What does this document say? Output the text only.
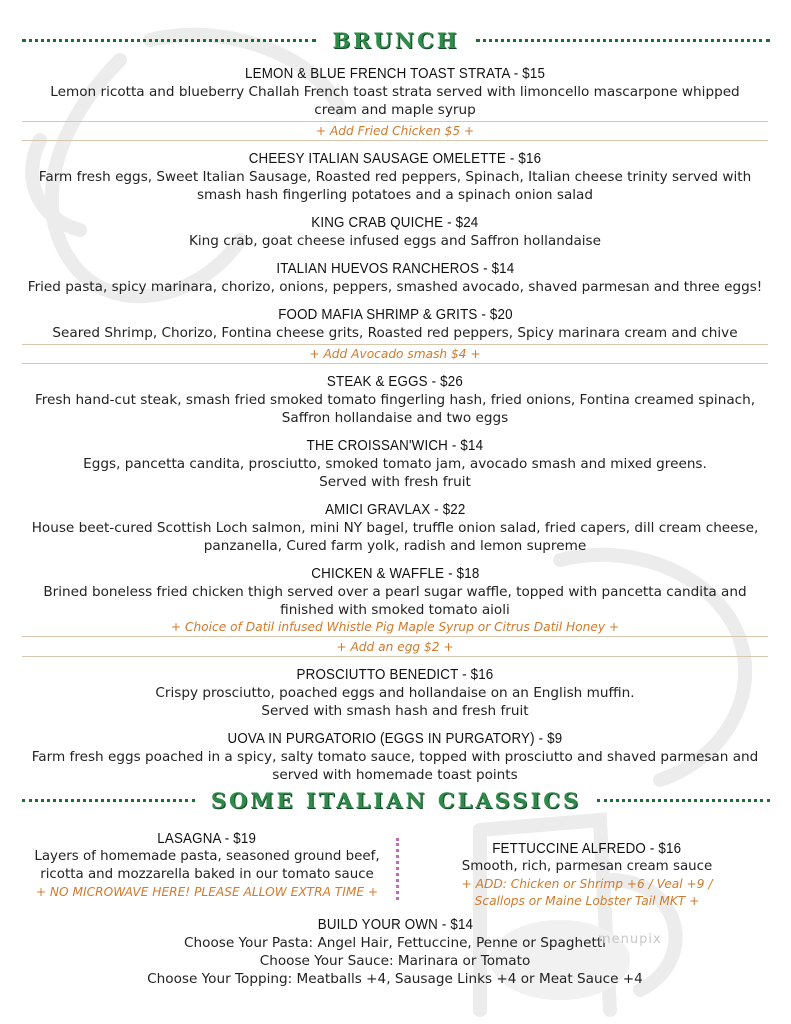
BRUNCH
LEMON & BLUE FRENCH TOAST STRATA - $15
Lemon ricotta and blueberry Challah French toast strata served with limoncello mascarpone whipped
cream and maple syrup
+ Add Fried Chicken $5 +
CHEESY ITALIAN SAUSAGE OMELETTE - $16
Farm fresh eggs, Sweet Italian Sausage, Roasted red peppers, Spinach, Italian cheese trinity served with
smash hash fingerling potatoes and a spinach onion salad
KING CRAB QUICHE - $24
King crab, goat cheese infused eggs and Saffron hollandaise
ITALIAN HUEVOS RANCHEROS - $14
Fried pasta, spicy marinara, chorizo, onions, peppers, smashed avocado, shaved parmesan and three eggs!
FOOD MAFIA SHRIMP & GRITS - $20
Seared Shrimp, Chorizo, Fontina cheese grits, Roasted red peppers, Spicy marinara cream and chive
+ Add Avocado smash $4 +
STEAK & EGGS - $26
Fresh hand-cut steak, smash fried smoked tomato fingerling hash, fried onions, Fontina creamed spinach,
Saffron hollandaise and two eggs
THE CROISSAN'WICH - $14
Eggs, pancetta candita, prosciutto, smoked tomato jam, avocado smash and mixed greens.
Served with fresh fruit
AMICI GRAVLAX - $22
House beet-cured Scottish Loch salmon, mini NY bagel, truffle onion salad, fried capers, dill cream cheese,
panzanella, Cured farm yolk, radish and lemon supreme
CHICKEN & WAFFLE - $18
Brined boneless fried chicken thigh served over a pearl sugar waffle, topped with pancetta candita and
finished with smoked tomato aioli
+ Choice of Datil infused Whistle Pig Maple Syrup or Citrus Datil Honey +
+ Add an egg $2 +
PROSCIUTTO BENEDICT - $16
Crispy prosciutto, poached eggs and hollandaise on an English muffin.
Served with smash hash and fresh fruit
UOVA IN PURGATORIO (EGGS IN PURGATORY) - $9
Farm fresh eggs poached in a spicy, salty tomato sauce, topped with prosciutto and shaved parmesan and
served with homemade toast points
SOME ITALIAN CLASSICS
LASAGNA - $19
Layers of homemade pasta, seasoned ground beef,
ricotta and mozzarella baked in our tomato sauce
+ NO MICROWAVE HERE! PLEASE ALLOW EXTRA TIME +
FETTUCCINE ALFREDO - $16
Smooth, rich, parmesan cream sauce
+ ADD: Chicken or Shrimp +6 / Veal +9 /
Scallops or Maine Lobster Tail MKT +
BUILD YOUR OWN - $14
Choose Your Pasta: Angel Hair, Fettuccine, Penne or Spaghetti
Choose Your Sauce: Marinara or Tomato
Choose Your Topping: Meatballs +4, Sausage Links +4 or Meat Sauce +4
menupix
